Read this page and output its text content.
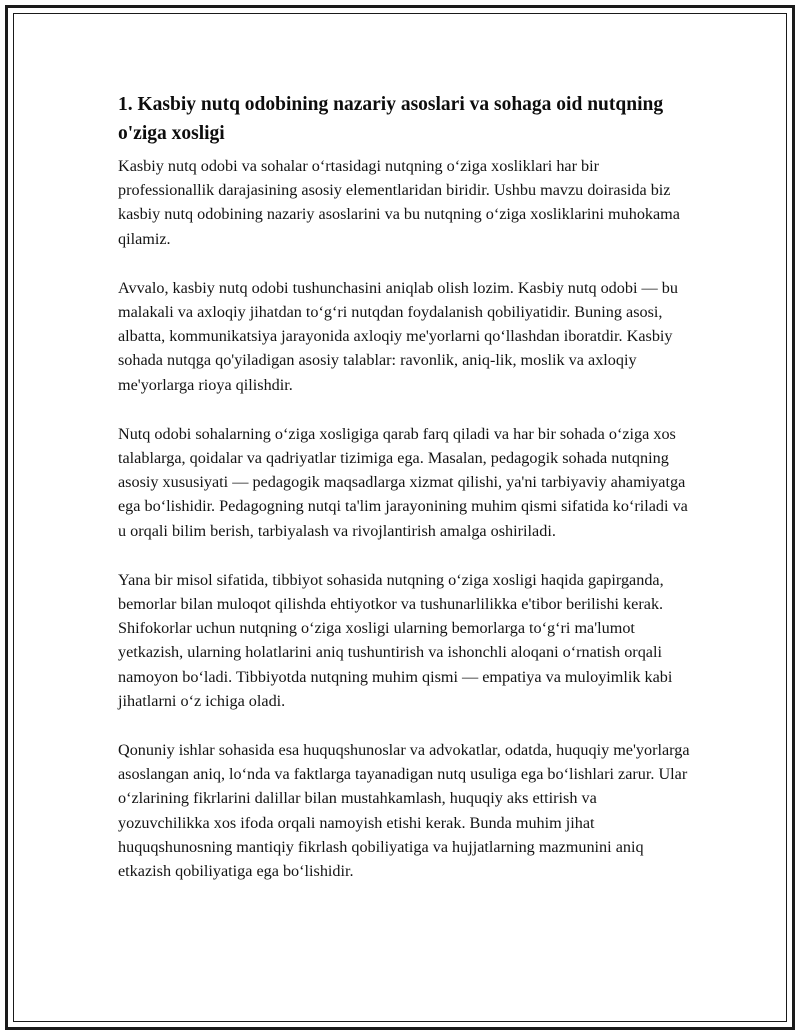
1. Kasbiy nutq odobining nazariy asoslari va sohaga oid nutqning o'ziga xosligi

Kasbiy nutq odobi va sohalar o‘rtasidagi nutqning o‘ziga xosliklari har bir professionallik darajasining asosiy elementlaridan biridir. Ushbu mavzu doirasida biz kasbiy nutq odobining nazariy asoslarini va bu nutqning o‘ziga xosliklarini muhokama qilamiz.

Avvalo, kasbiy nutq odobi tushunchasini aniqlab olish lozim. Kasbiy nutq odobi — bu malakali va axloqiy jihatdan to‘g‘ri nutqdan foydalanish qobiliyatidir. Buning asosi, albatta, kommunikatsiya jarayonida axloqiy me'yorlarni qo‘llashdan iboratdir. Kasbiy sohada nutqga qo'yiladigan asosiy talablar: ravonlik, aniq-lik, moslik va axloqiy me'yorlarga rioya qilishdir.

Nutq odobi sohalarning o‘ziga xosligiga qarab farq qiladi va har bir sohada o‘ziga xos talablarga, qoidalar va qadriyatlar tizimiga ega. Masalan, pedagogik sohada nutqning asosiy xususiyati — pedagogik maqsadlarga xizmat qilishi, ya'ni tarbiyaviy ahamiyatga ega bo‘lishidir. Pedagogning nutqi ta'lim jarayonining muhim qismi sifatida ko‘riladi va u orqali bilim berish, tarbiyalash va rivojlantirish amalga oshiriladi.

Yana bir misol sifatida, tibbiyot sohasida nutqning o‘ziga xosligi haqida gapirganda, bemorlar bilan muloqot qilishda ehtiyotkor va tushunarlilikka e'tibor berilishi kerak. Shifokorlar uchun nutqning o‘ziga xosligi ularning bemorlarga to‘g‘ri ma'lumot yetkazish, ularning holatlarini aniq tushuntirish va ishonchli aloqani o‘rnatish orqali namoyon bo‘ladi. Tibbiyotda nutqning muhim qismi — empatiya va muloyimlik kabi jihatlarni o‘z ichiga oladi.

Qonuniy ishlar sohasida esa huquqshunoslar va advokatlar, odatda, huquqiy me'yorlarga asoslangan aniq, lo‘nda va faktlarga tayanadigan nutq usuliga ega bo‘lishlari zarur. Ular o‘zlarining fikrlarini dalillar bilan mustahkamlash, huquqiy aks ettirish va yozuvchilikka xos ifoda orqali namoyish etishi kerak. Bunda muhim jihat huquqshunosning mantiqiy fikrlash qobiliyatiga va hujjatlarning mazmunini aniq etkazish qobiliyatiga ega bo‘lishidir.
